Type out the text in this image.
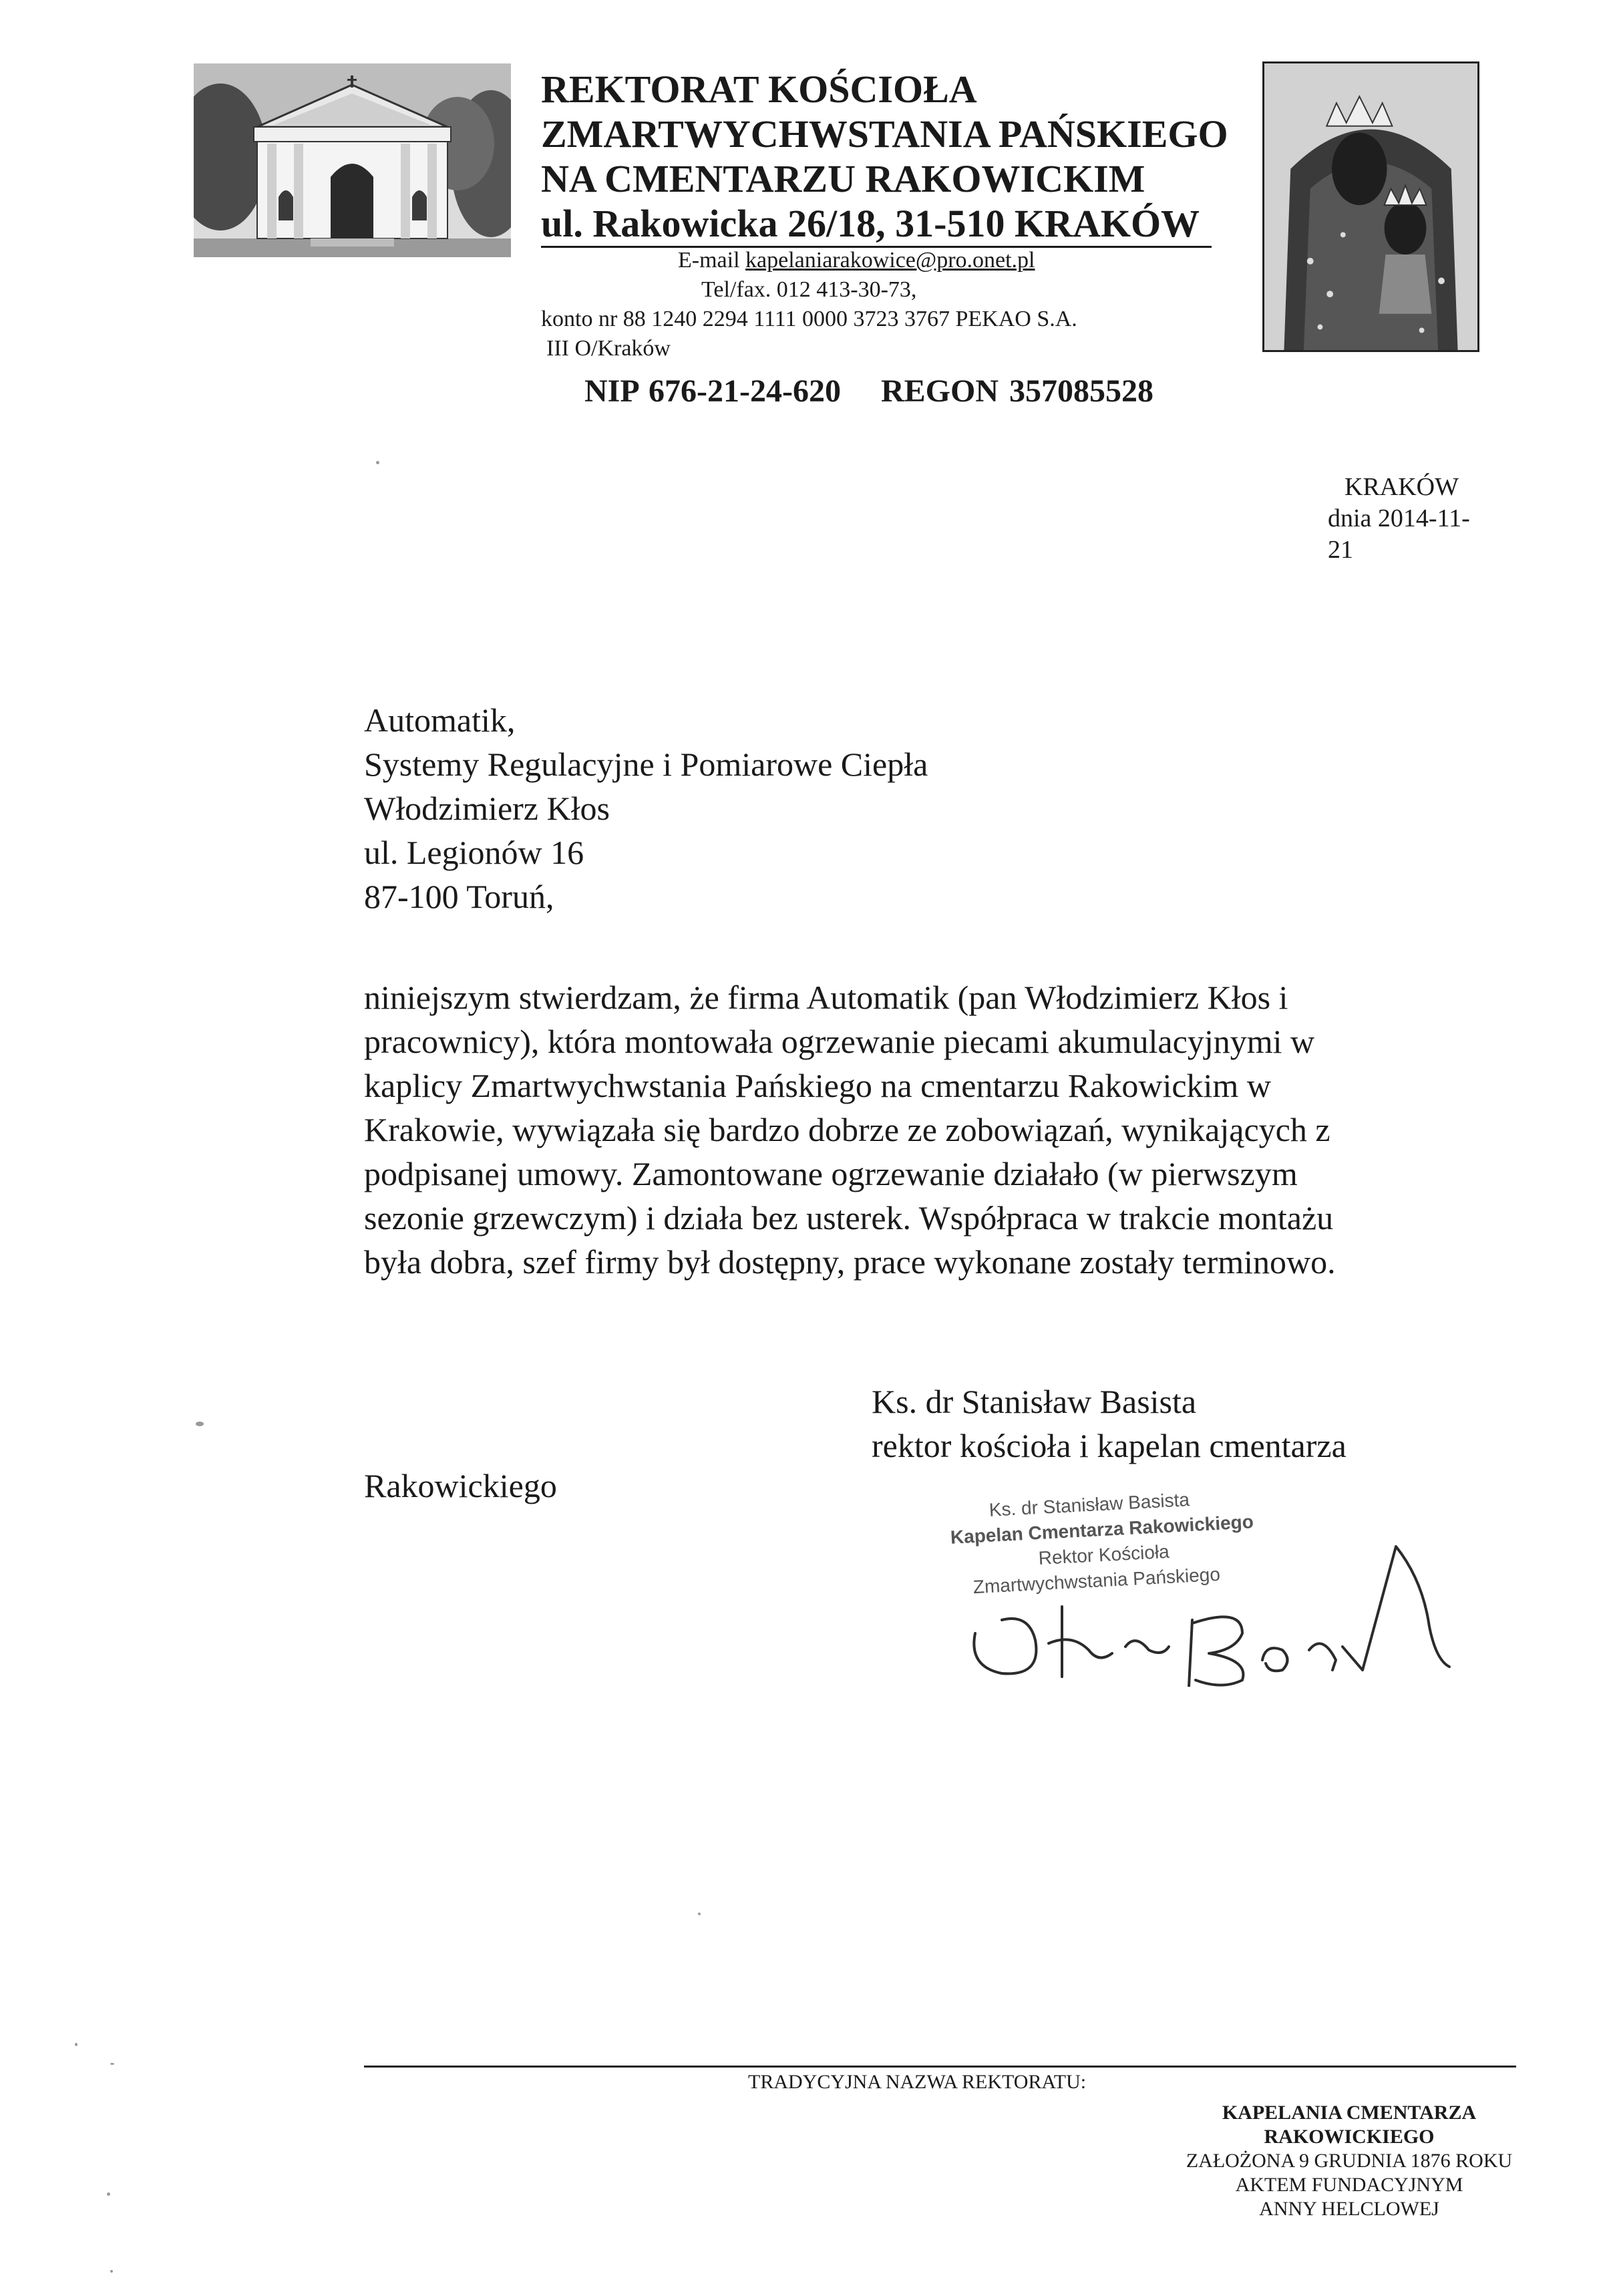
REKTORAT KOŚCIOŁA
ZMARTWYCHWSTANIA PAŃSKIEGO
NA CMENTARZU RAKOWICKIM
ul. Rakowicka 26/18, 31-510 KRAKÓW
E-mail kapelaniarakowice@pro.onet.pl
Tel/fax. 012 413-30-73,
konto nr 88 1240 2294 1111 0000 3723 3767 PEKAO S.A.
III O/Kraków
NIP 676-21-24-620 REGON 357085528
KRAKÓW
dnia 2014-11-
21
Automatik,
Systemy Regulacyjne i Pomiarowe Ciepła
Włodzimierz Kłos
ul. Legionów 16
87-100 Toruń,
niniejszym stwierdzam, że firma Automatik (pan Włodzimierz Kłos i
pracownicy), która montowała ogrzewanie piecami akumulacyjnymi w
kaplicy Zmartwychwstania Pańskiego na cmentarzu Rakowickim w
Krakowie, wywiązała się bardzo dobrze ze zobowiązań, wynikających z
podpisanej umowy. Zamontowane ogrzewanie działało (w pierwszym
sezonie grzewczym) i działa bez usterek. Współpraca w trakcie montażu
była dobra, szef firmy był dostępny, prace wykonane zostały terminowo.
Ks. dr Stanisław Basista
rektor kościoła i kapelan cmentarza
Rakowickiego
Ks. dr Stanisław Basista
Kapelan Cmentarza Rakowickiego
Rektor Kościoła
Zmartwychwstania Pańskiego
TRADYCYJNA NAZWA REKTORATU:
KAPELANIA CMENTARZA
RAKOWICKIEGO
ZAŁOŻONA 9 GRUDNIA 1876 ROKU
AKTEM FUNDACYJNYM
ANNY HELCLOWEJ
